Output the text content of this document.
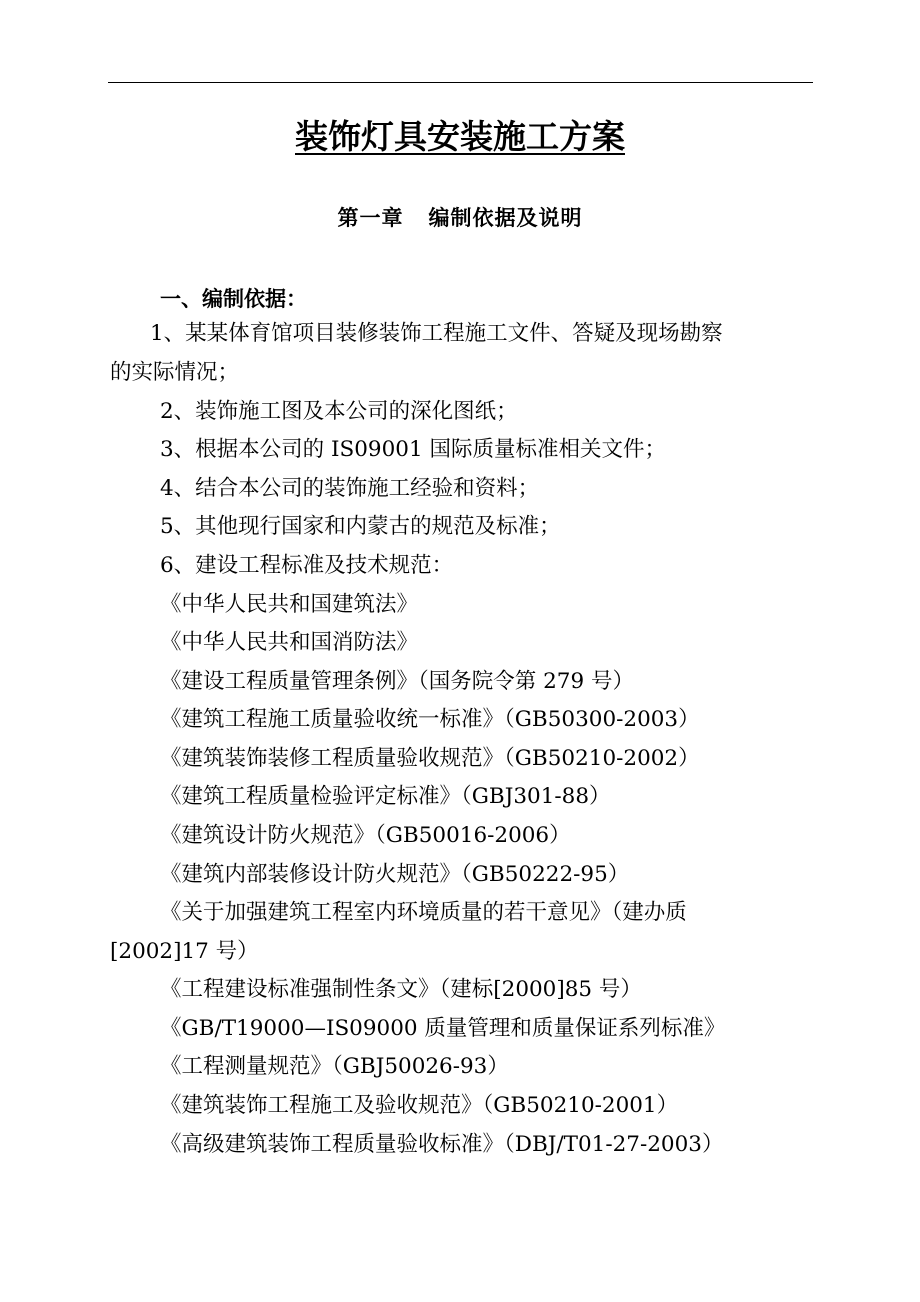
装饰灯具安装施工方案
第一章   编制依据及说明
一、编制依据：
1、某某体育馆项目装修装饰工程施工文件、答疑及现场勘察
的实际情况；
2、装饰施工图及本公司的深化图纸；
3、根据本公司的 IS09001 国际质量标准相关文件；
4、结合本公司的装饰施工经验和资料；
5、其他现行国家和内蒙古的规范及标准；
6、建设工程标准及技术规范：
《中华人民共和国建筑法》
《中华人民共和国消防法》
《建设工程质量管理条例》（国务院令第 279 号）
《建筑工程施工质量验收统一标准》（GB50300-2003）
《建筑装饰装修工程质量验收规范》（GB50210-2002）
《建筑工程质量检验评定标准》（GBJ301-88）
《建筑设计防火规范》（GB50016-2006）
《建筑内部装修设计防火规范》（GB50222-95）
《关于加强建筑工程室内环境质量的若干意见》（建办质
[2002]17 号）
《工程建设标准强制性条文》（建标[2000]85 号）
《GB/T19000—IS09000 质量管理和质量保证系列标准》
《工程测量规范》（GBJ50026-93）
《建筑装饰工程施工及验收规范》（GB50210-2001）
《高级建筑装饰工程质量验收标准》（DBJ/T01-27-2003）
